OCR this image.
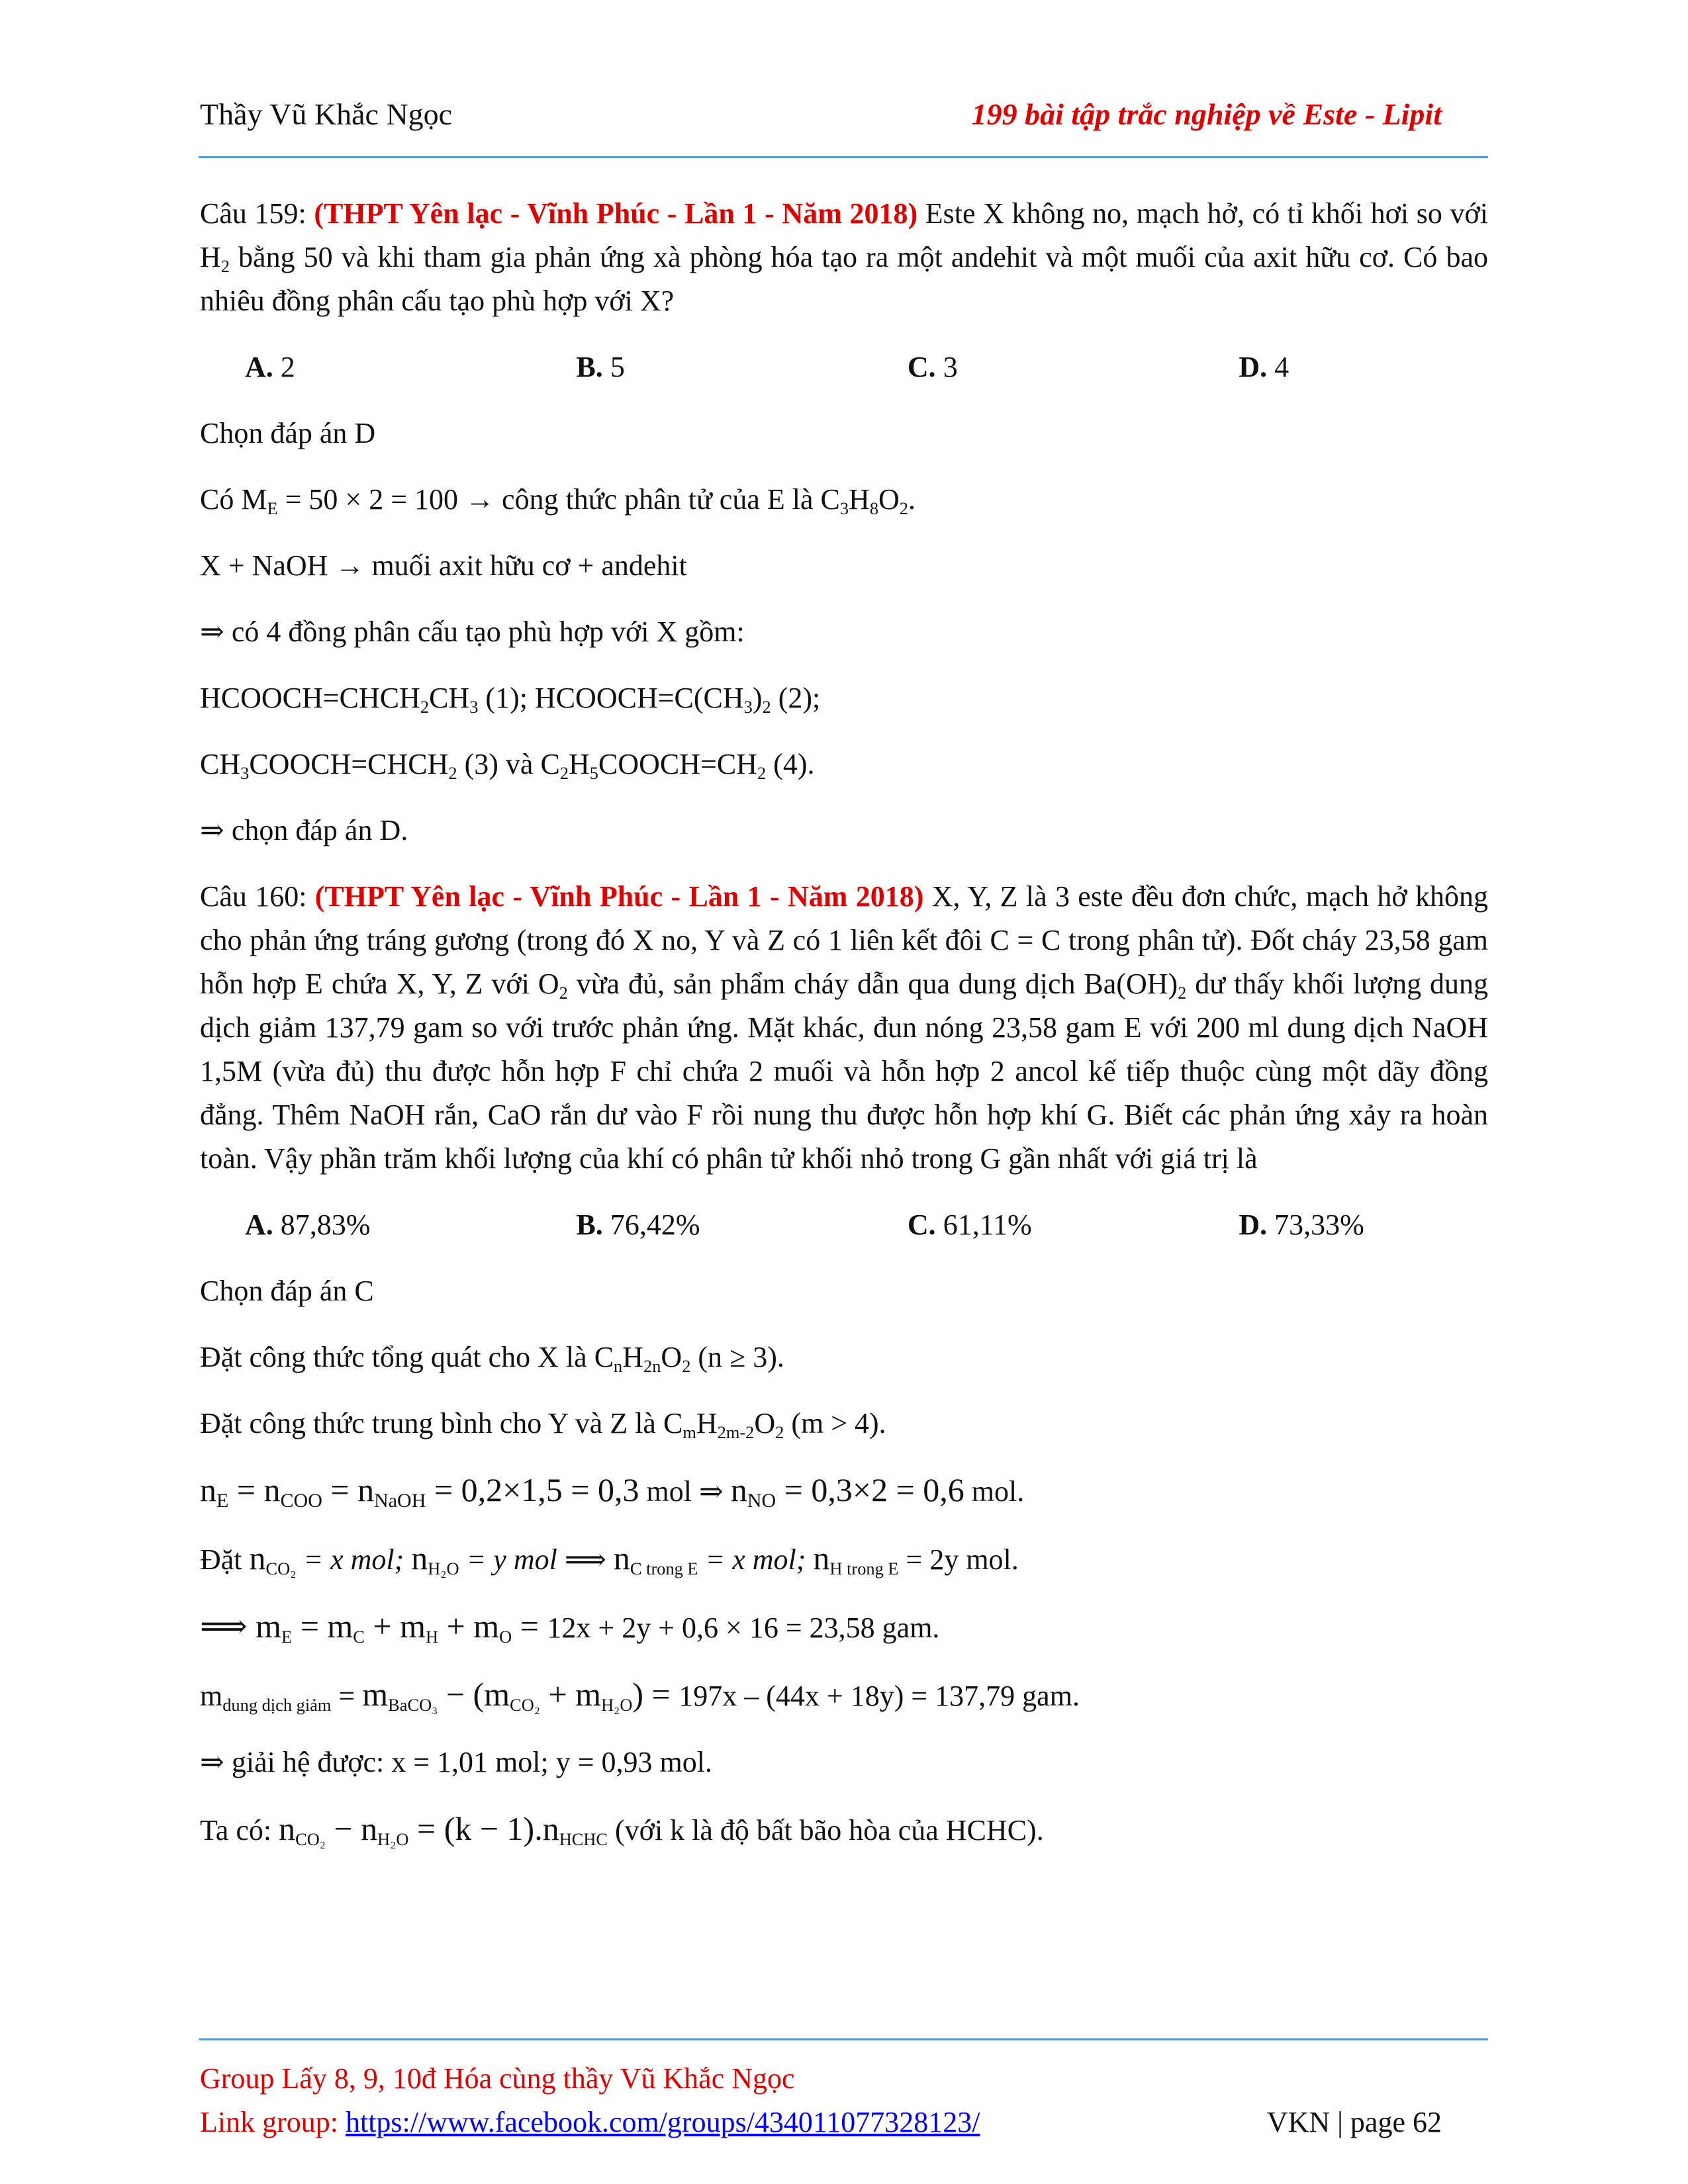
Thầy Vũ Khắc Ngọc	199 bài tập trắc nghiệp về Este - Lipit

Câu 159: (THPT Yên lạc - Vĩnh Phúc - Lần 1 - Năm 2018) Este X không no, mạch hở, có tỉ khối hơi so với $H_2$ bằng 50 và khi tham gia phản ứng xà phòng hóa tạo ra một andehit và một muối của axit hữu cơ. Có bao nhiêu đồng phân cấu tạo phù hợp với X?

A. 2	B. 5	C. 3	D. 4

Chọn đáp án D

Có $M_E = 50 \times 2 = 100$ → công thức phân tử của E là $C_3H_8O_2$.

X + NaOH → muối axit hữu cơ + andehit

⇒ có 4 đồng phân cấu tạo phù hợp với X gồm:

$HCOOCH=CHCH_2CH_3$ (1); $HCOOCH=C(CH_3)_2$ (2);

$CH_3COOCH=CHCH_2$ (3) và $C_2H_5COOCH=CH_2$ (4).

⇒ chọn đáp án D.

Câu 160: (THPT Yên lạc - Vĩnh Phúc - Lần 1 - Năm 2018) X, Y, Z là 3 este đều đơn chức, mạch hở không cho phản ứng tráng gương (trong đó X no, Y và Z có 1 liên kết đôi C = C trong phân tử). Đốt cháy 23,58 gam hỗn hợp E chứa X, Y, Z với $O_2$ vừa đủ, sản phẩm cháy dẫn qua dung dịch $Ba(OH)_2$ dư thấy khối lượng dung dịch giảm 137,79 gam so với trước phản ứng. Mặt khác, đun nóng 23,58 gam E với 200 ml dung dịch NaOH 1,5M (vừa đủ) thu được hỗn hợp F chỉ chứa 2 muối và hỗn hợp 2 ancol kế tiếp thuộc cùng một dãy đồng đẳng. Thêm NaOH rắn, CaO rắn dư vào F rồi nung thu được hỗn hợp khí G. Biết các phản ứng xảy ra hoàn toàn. Vậy phần trăm khối lượng của khí có phân tử khối nhỏ trong G gần nhất với giá trị là

A. 87,83%	B. 76,42%	C. 61,11%	D. 73,33%

Chọn đáp án C

Đặt công thức tổng quát cho X là $C_nH_{2n}O_2$ (n ≥ 3).

Đặt công thức trung bình cho Y và Z là $C_mH_{2m-2}O_2$ (m > 4).

$n_E = n_{COO} = n_{NaOH} = 0,2\times 1,5 = 0,3$ mol ⇒ $n_{NO} = 0,3\times 2 = 0,6$ mol.

Đặt $n_{CO_2} = x$ mol; $n_{H_2O} = y$ mol ⟹ $n_{C trong E} = x$ mol; $n_{H trong E} = 2y$ mol.

⟹ $m_E = m_C + m_H + m_O = 12x + 2y + 0,6 \times 16 = 23,58$ gam.

$m_{dung dịch giảm} = m_{BaCO_3} - (m_{CO_2} + m_{H_2O}) = 197x - (44x + 18y) = 137,79$ gam.

⇒ giải hệ được: x = 1,01 mol; y = 0,93 mol.

Ta có: $n_{CO_2} - n_{H_2O} = (k - 1).n_{HCHC}$ (với k là độ bất bão hòa của HCHC).

Group Lấy 8, 9, 10đ Hóa cùng thầy Vũ Khắc Ngọc
Link group: https://www.facebook.com/groups/434011077328123/	VKN | page 62
